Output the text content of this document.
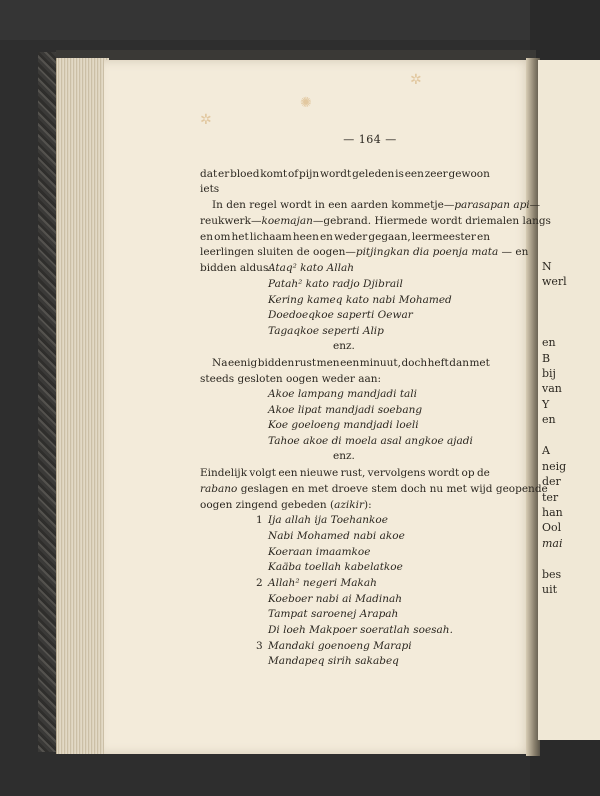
N
werl
en
B
bij
van
Y
en
A
neig
der
ter
han
Ool
mai
bes
uit
✲
✺
✲
— 164 —
dat er bloed komt of pijn wordt geleden is een zeer gewoon
iets
In den regel wordt in een aarden kommetje—parasapan api—
reukwerk—koemajan—gebrand. Hiermede wordt driemalen langs
en om het lichaam heen en weder gegaan, leermeester en
leerlingen sluiten de oogen—pitjingkan dia poenja mata — en
bidden aldus:
Ataq² kato Allah
Patah² kato radjo Djibrail
Kering kameq kato nabi Mohamed
Doedoeqkoe saperti Oewar
Tagaqkoe seperti Alip
enz.
Na eenig bidden rust men een minuut, doch heft dan met
steeds gesloten oogen weder aan:
Akoe lampang mandjadi tali
Akoe lipat mandjadi soebang
Koe goeloeng mandjadi loeli
Tahoe akoe di moela asal angkoe ajadi
enz.
Eindelijk volgt een nieuwe rust, vervolgens wordt op de
rabano geslagen en met droeve stem doch nu met wijd geopende
oogen zingend gebeden (azikir):
1 Ija allah ija Toehankoe
Nabi Mohamed nabi akoe
Koeraan imaamkoe
Kaäba toellah kabelatkoe
2 Allah² negeri Makah
Koeboer nabi ai Madinah
Tampat saroenej Arapah
Di loeh Makpoer soeratlah soesah.
3 Mandaki goenoeng Marapi
Mandapeq sirih sakabeq
